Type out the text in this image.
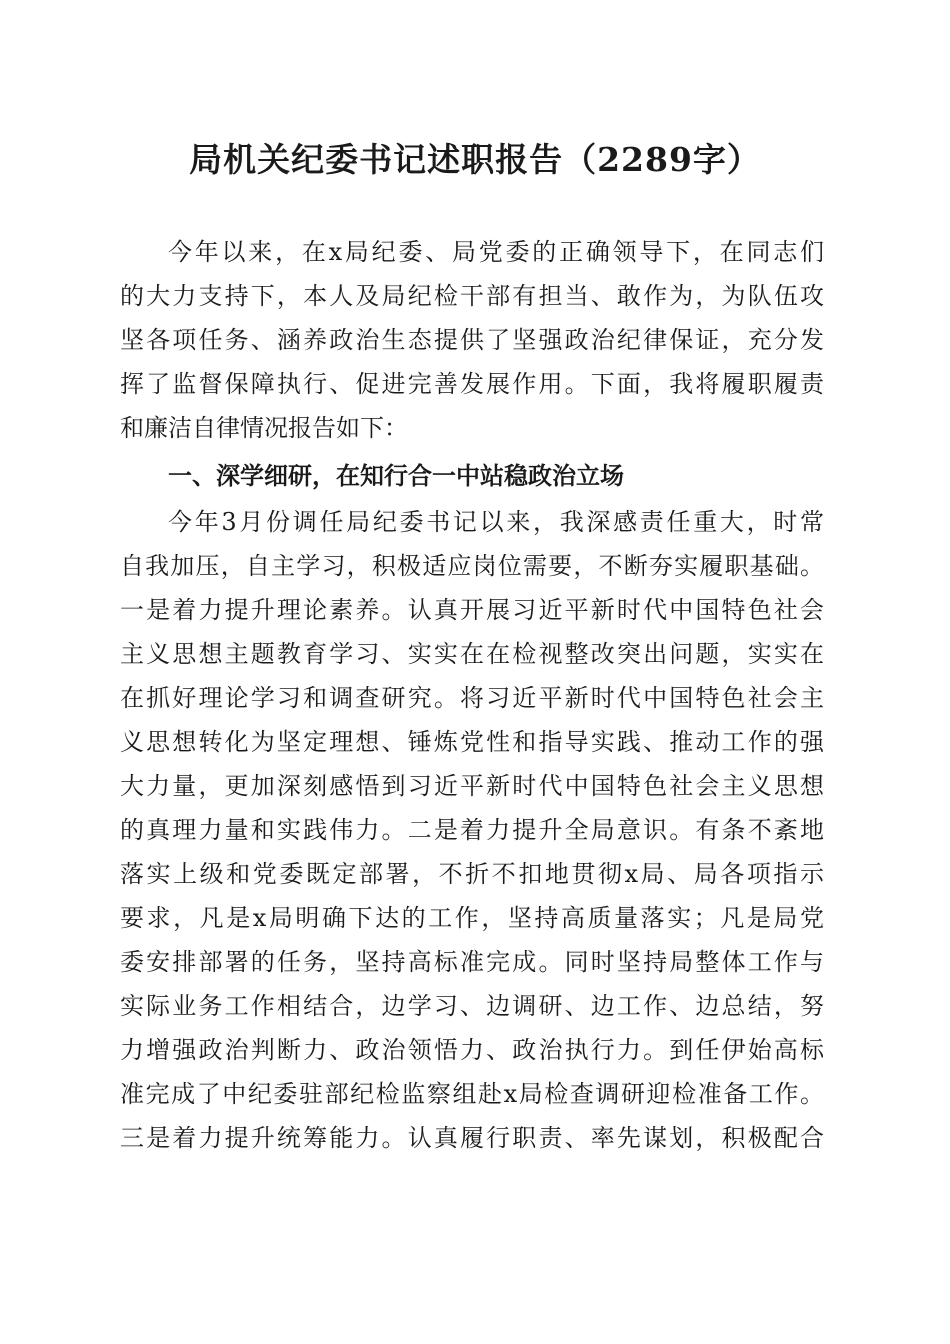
局机关纪委书记述职报告（2289字）

今年以来，在x局纪委、局党委的正确领导下，在同志们

的大力支持下，本人及局纪检干部有担当、敢作为，为队伍攻

坚各项任务、涵养政治生态提供了坚强政治纪律保证，充分发

挥了监督保障执行、促进完善发展作用。下面，我将履职履责

和廉洁自律情况报告如下：

一、深学细研，在知行合一中站稳政治立场

今年3月份调任局纪委书记以来，我深感责任重大，时常

自我加压，自主学习，积极适应岗位需要，不断夯实履职基础。

一是着力提升理论素养。认真开展习近平新时代中国特色社会

主义思想主题教育学习、实实在在检视整改突出问题，实实在

在抓好理论学习和调查研究。将习近平新时代中国特色社会主

义思想转化为坚定理想、锤炼党性和指导实践、推动工作的强

大力量，更加深刻感悟到习近平新时代中国特色社会主义思想

的真理力量和实践伟力。二是着力提升全局意识。有条不紊地

落实上级和党委既定部署，不折不扣地贯彻x局、局各项指示

要求，凡是x局明确下达的工作，坚持高质量落实；凡是局党

委安排部署的任务，坚持高标准完成。同时坚持局整体工作与

实际业务工作相结合，边学习、边调研、边工作、边总结，努

力增强政治判断力、政治领悟力、政治执行力。到任伊始高标

准完成了中纪委驻部纪检监察组赴x局检查调研迎检准备工作。

三是着力提升统筹能力。认真履行职责、率先谋划，积极配合
